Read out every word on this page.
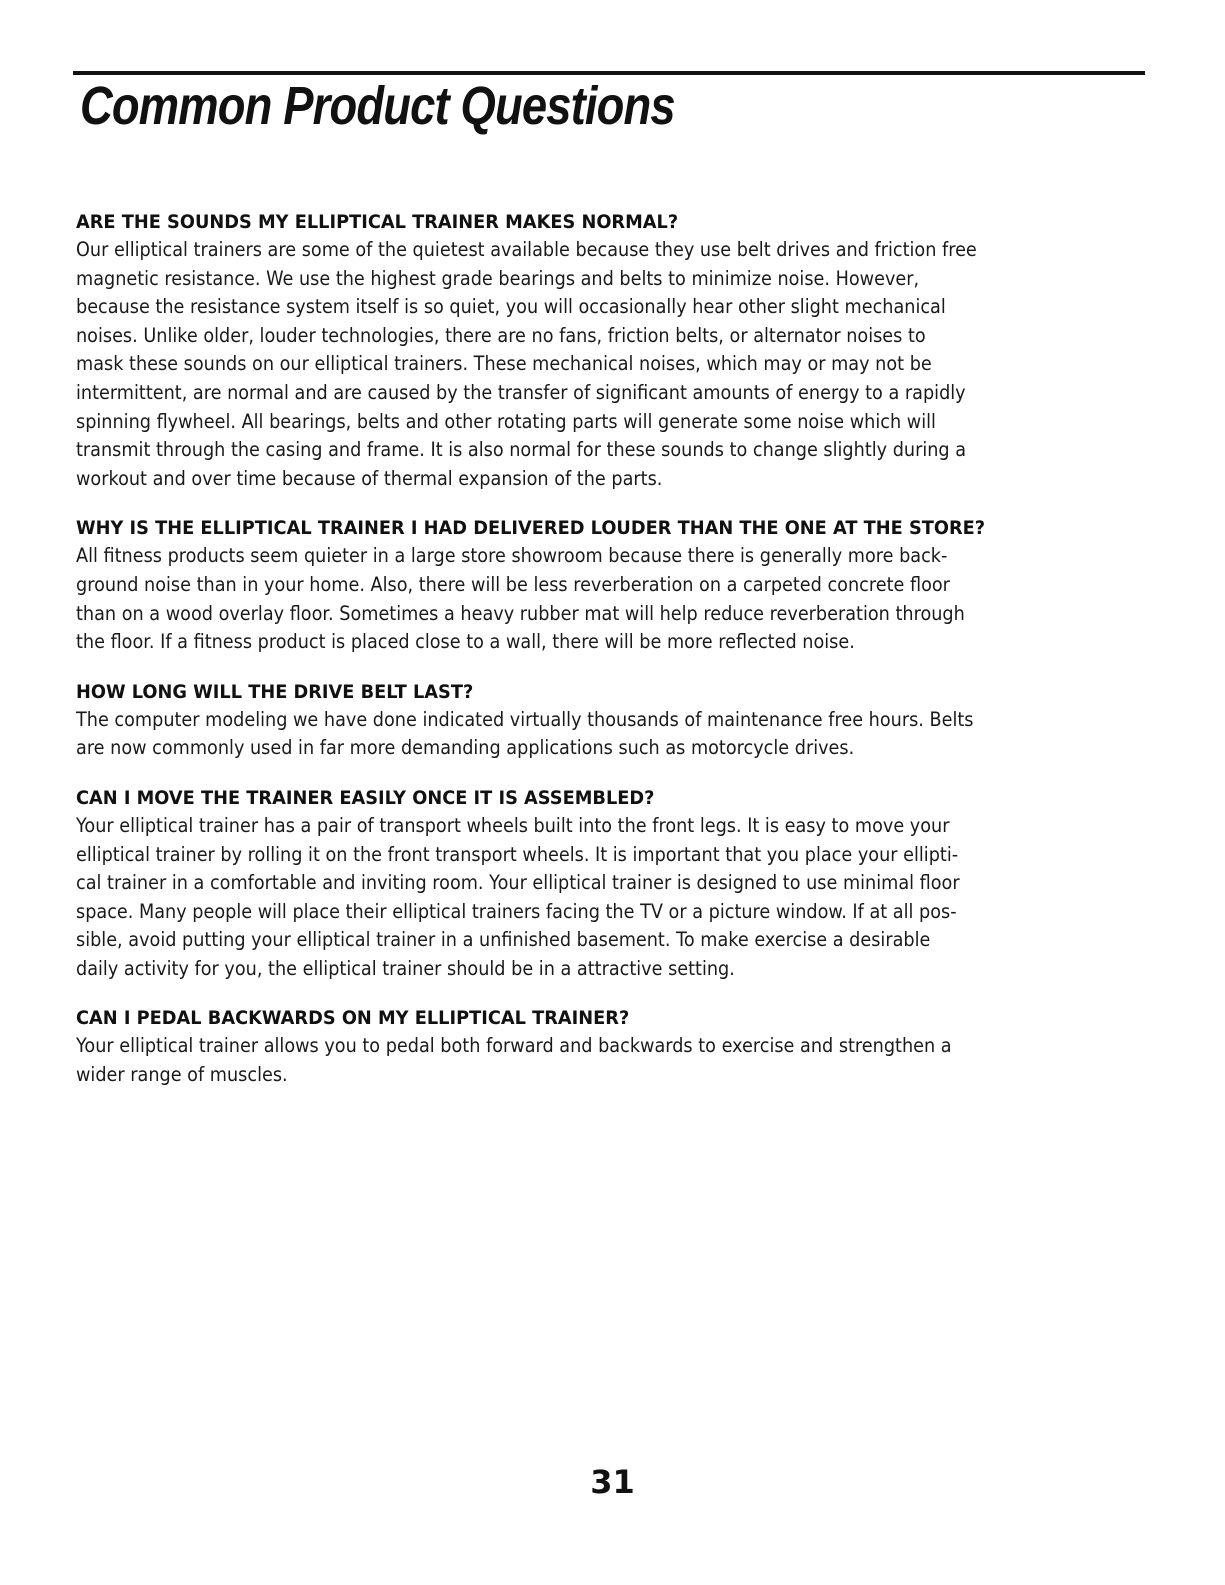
Common Product Questions
ARE THE SOUNDS MY ELLIPTICAL TRAINER MAKES NORMAL?
Our elliptical trainers are some of the quietest available because they use belt drives and friction free
magnetic resistance. We use the highest grade bearings and belts to minimize noise. However,
because the resistance system itself is so quiet, you will occasionally hear other slight mechanical
noises. Unlike older, louder technologies, there are no fans, friction belts, or alternator noises to
mask these sounds on our elliptical trainers. These mechanical noises, which may or may not be
intermittent, are normal and are caused by the transfer of significant amounts of energy to a rapidly
spinning flywheel. All bearings, belts and other rotating parts will generate some noise which will
transmit through the casing and frame. It is also normal for these sounds to change slightly during a
workout and over time because of thermal expansion of the parts.
WHY IS THE ELLIPTICAL TRAINER I HAD DELIVERED LOUDER THAN THE ONE AT THE STORE?
All fitness products seem quieter in a large store showroom because there is generally more back-
ground noise than in your home. Also, there will be less reverberation on a carpeted concrete floor
than on a wood overlay floor. Sometimes a heavy rubber mat will help reduce reverberation through
the floor. If a fitness product is placed close to a wall, there will be more reflected noise.
HOW LONG WILL THE DRIVE BELT LAST?
The computer modeling we have done indicated virtually thousands of maintenance free hours. Belts
are now commonly used in far more demanding applications such as motorcycle drives.
CAN I MOVE THE TRAINER EASILY ONCE IT IS ASSEMBLED?
Your elliptical trainer has a pair of transport wheels built into the front legs. It is easy to move your
elliptical trainer by rolling it on the front transport wheels. It is important that you place your ellipti-
cal trainer in a comfortable and inviting room. Your elliptical trainer is designed to use minimal floor
space. Many people will place their elliptical trainers facing the TV or a picture window. If at all pos-
sible, avoid putting your elliptical trainer in a unfinished basement. To make exercise a desirable
daily activity for you, the elliptical trainer should be in a attractive setting.
CAN I PEDAL BACKWARDS ON MY ELLIPTICAL TRAINER?
Your elliptical trainer allows you to pedal both forward and backwards to exercise and strengthen a
wider range of muscles.
31
